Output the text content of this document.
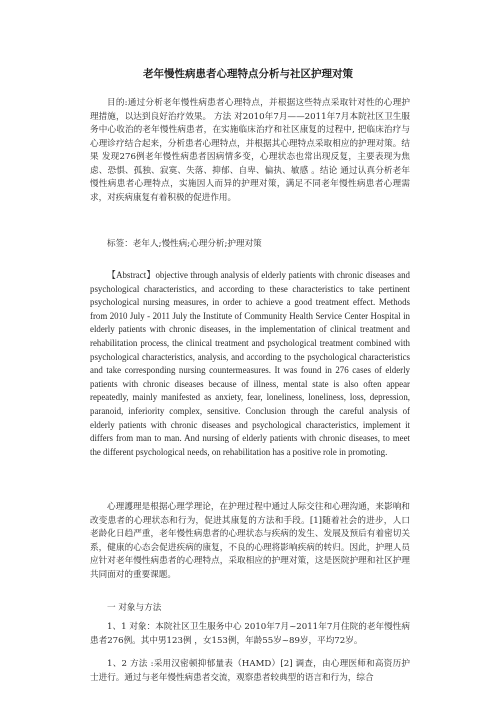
老年慢性病患者心理特点分析与社区护理对策

目的:通过分析老年慢性病患者心理特点，并根据这些特点采取针对性的心理护理措施，以达到良好治疗效果。 方法 对2010年7月——2011年7月本院社区卫生服务中心收治的老年慢性病患者，在实施临床治疗和社区康复的过程中, 把临床治疗与心理诊疗结合起来，分析患者心理特点，并根据其心理特点采取相应的护理对策。结果 发现276例老年慢性病患者因病情多变，心理状态也常出现反复，主要表现为焦虑、恐惧、孤独、寂寞、失落、抑郁、自卑、偏执、敏感 。结论 通过认真分析老年慢性病患者心理特点，实施因人而异的护理对策，满足不同老年慢性病患者心理需求，对疾病康复有着积极的促进作用。

标签：老年人;慢性病;心理分析;护理对策

【Abstract】objective through analysis of elderly patients with chronic diseases and psychological characteristics, and according to these characteristics to take pertinent psychological nursing measures, in order to achieve a good treatment effect. Methods from 2010 July - 2011 July the Institute of Community Health Service Center Hospital in elderly patients with chronic diseases, in the implementation of clinical treatment and rehabilitation process, the clinical treatment and psychological treatment combined with psychological characteristics, analysis, and according to the psychological characteristics and take corresponding nursing countermeasures. It was found in 276 cases of elderly patients with chronic diseases because of illness, mental state is also often appear repeatedly, mainly manifested as anxiety, fear, loneliness, loneliness, loss, depression, paranoid, inferiority complex, sensitive. Conclusion through the careful analysis of elderly patients with chronic diseases and psychological characteristics, implement it differs from man to man. And nursing of elderly patients with chronic diseases, to meet the different psychological needs, on rehabilitation has a positive role in promoting.

心理護理是根据心理学理论，在护理过程中通过人际交往和心理沟通，来影响和改变患者的心理状态和行为，促进其康复的方法和手段。[1]随着社会的进步，人口老龄化日趋严重，老年慢性病患者的心理状态与疾病的发生、发展及预后有着密切关系，健康的心态会促进疾病的康复，不良的心理将影响疾病的转归。因此，护理人员应针对老年慢性病患者的心理特点，采取相应的护理对策，这是医院护理和社区护理共同面对的重要课题。

一 对象与方法

1、1 对象：本院社区卫生服务中心 2010年7月~2011年7月住院的老年慢性病患者276例。其中男123例 ，女153例，年龄55岁~89岁，平均72岁。

1、2 方法 :采用汉密顿抑郁量表（HAMD）[2] 调查，由心理医师和高资历护士进行。通过与老年慢性病患者交流，观察患者较典型的语言和行为，综合
